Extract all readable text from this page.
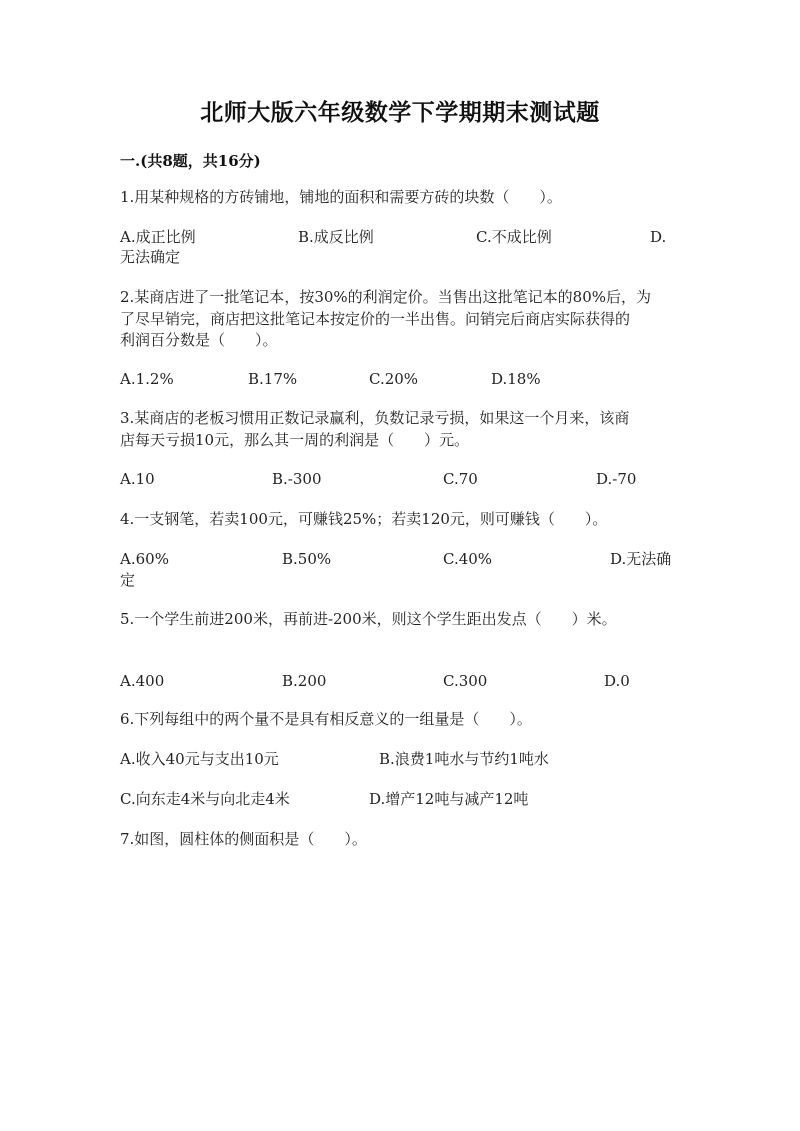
北师大版六年级数学下学期期末测试题
一.(共8题，共16分)
1.用某种规格的方砖铺地，铺地的面积和需要方砖的块数（　　）。
A.成正比例	B.成反比例	C.不成比例	D.
无法确定
2.某商店进了一批笔记本，按30%的利润定价。当售出这批笔记本的80%后，为
了尽早销完，商店把这批笔记本按定价的一半出售。问销完后商店实际获得的
利润百分数是（　　）。
A.1.2%	B.17%	C.20%	D.18%
3.某商店的老板习惯用正数记录赢利，负数记录亏损，如果这一个月来，该商
店每天亏损10元，那么其一周的利润是（　　）元。
A.10	B.-300	C.70	D.-70
4.一支钢笔，若卖100元，可赚钱25%；若卖120元，则可赚钱（　　）。
A.60%	B.50%	C.40%	D.无法确
定
5.一个学生前进200米，再前进-200米，则这个学生距出发点（　　）米。
A.400	B.200	C.300	D.0
6.下列每组中的两个量不是具有相反意义的一组量是（　　）。
A.收入40元与支出10元	B.浪费1吨水与节约1吨水
C.向东走4米与向北走4米	D.增产12吨与减产12吨
7.如图，圆柱体的侧面积是（　　）。
